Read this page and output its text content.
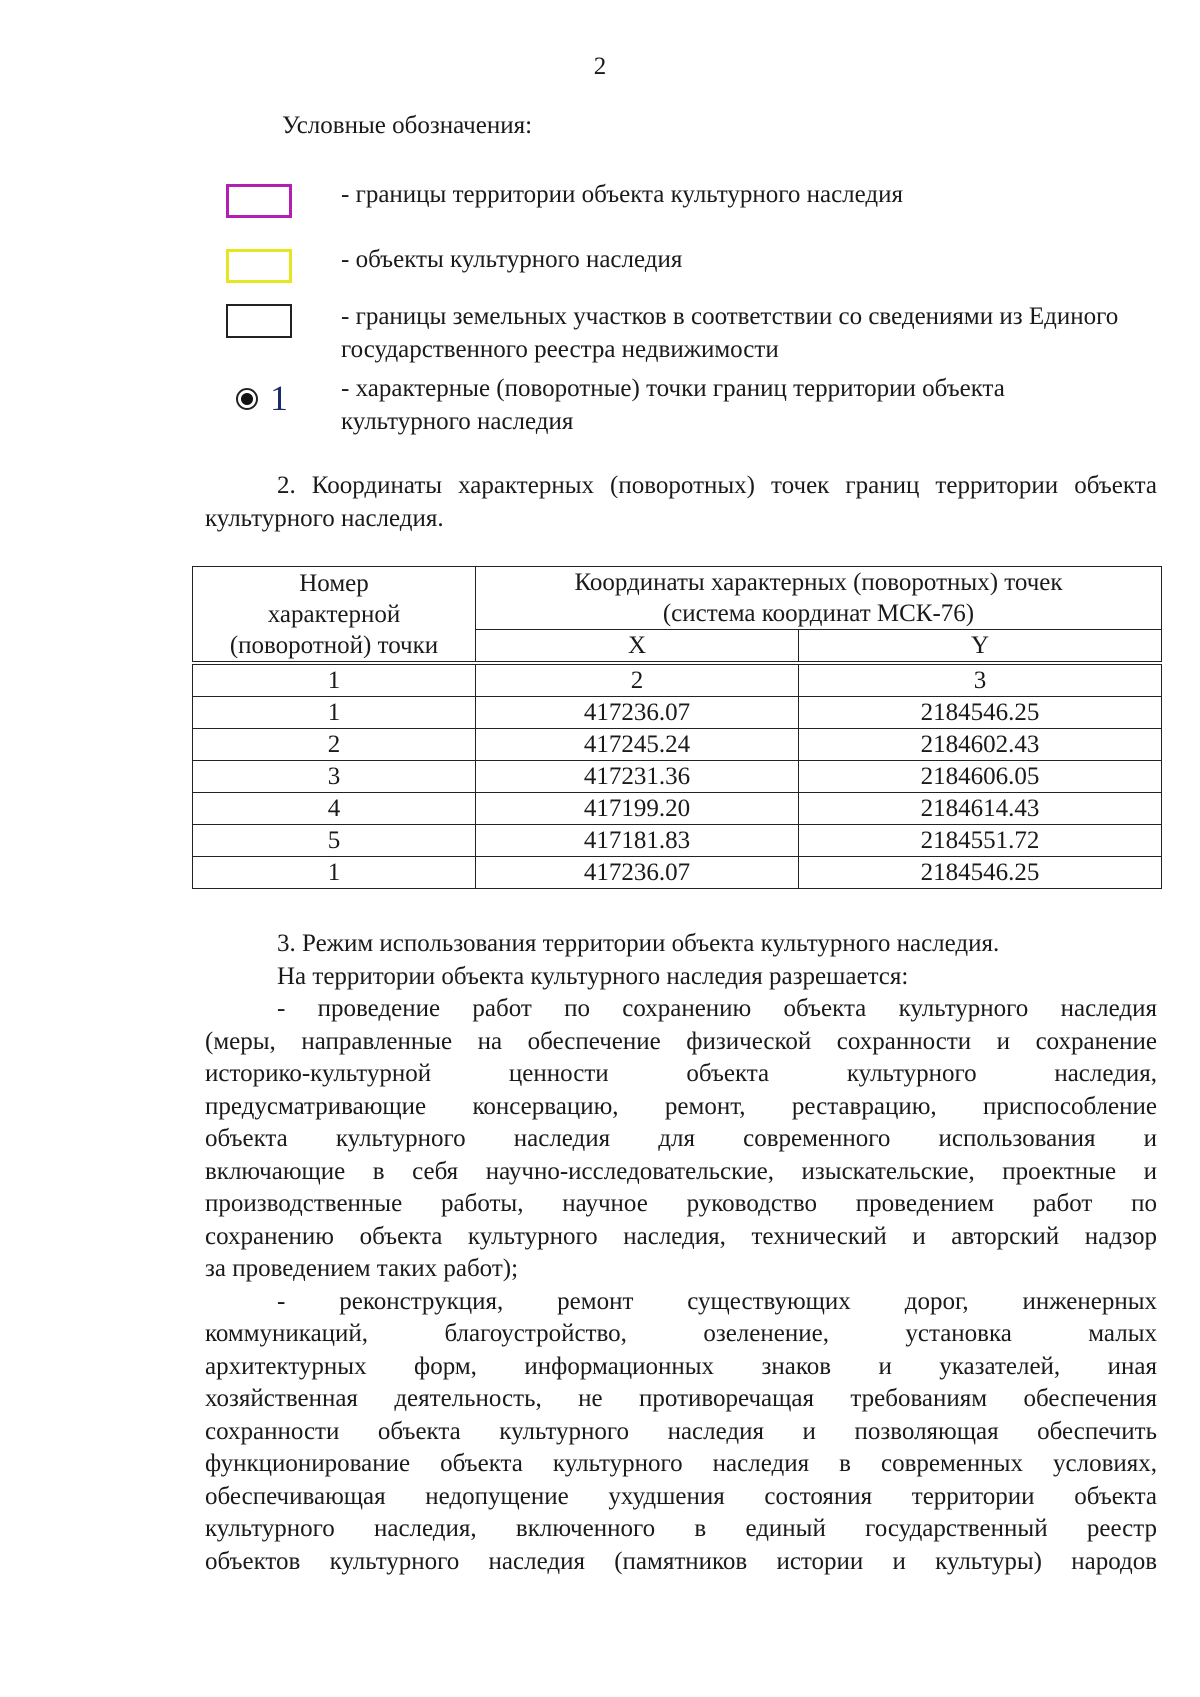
2
Условные обозначения:
- границы территории объекта культурного наследия
- объекты культурного наследия
- границы земельных участков в соответствии со сведениями из Единого государственного реестра недвижимости
1 - характерные (поворотные) точки границ территории объекта культурного наследия
2. Координаты характерных (поворотных) точек границ территории объекта культурного наследия.
Номер
характерной
(поворотной) точки	Координаты характерных (поворотных) точек
(система координат МСК-76)	
	X	Y
1	2	3
1	417236.07	2184546.25
2	417245.24	2184602.43
3	417231.36	2184606.05
4	417199.20	2184614.43
5	417181.83	2184551.72
1	417236.07	2184546.25
3. Режим использования территории объекта культурного наследия.
На территории объекта культурного наследия разрешается:
- проведение работ по сохранению объекта культурного наследия
(меры, направленные на обеспечение физической сохранности и сохранение
историко-культурной ценности объекта культурного наследия,
предусматривающие консервацию, ремонт, реставрацию, приспособление
объекта культурного наследия для современного использования и
включающие в себя научно-исследовательские, изыскательские, проектные и
производственные работы, научное руководство проведением работ по
сохранению объекта культурного наследия, технический и авторский надзор
за проведением таких работ);
- реконструкция, ремонт существующих дорог, инженерных
коммуникаций, благоустройство, озеленение, установка малых
архитектурных форм, информационных знаков и указателей, иная
хозяйственная деятельность, не противоречащая требованиям обеспечения
сохранности объекта культурного наследия и позволяющая обеспечить
функционирование объекта культурного наследия в современных условиях,
обеспечивающая недопущение ухудшения состояния территории объекта
культурного наследия, включенного в единый государственный реестр
объектов культурного наследия (памятников истории и культуры) народов
